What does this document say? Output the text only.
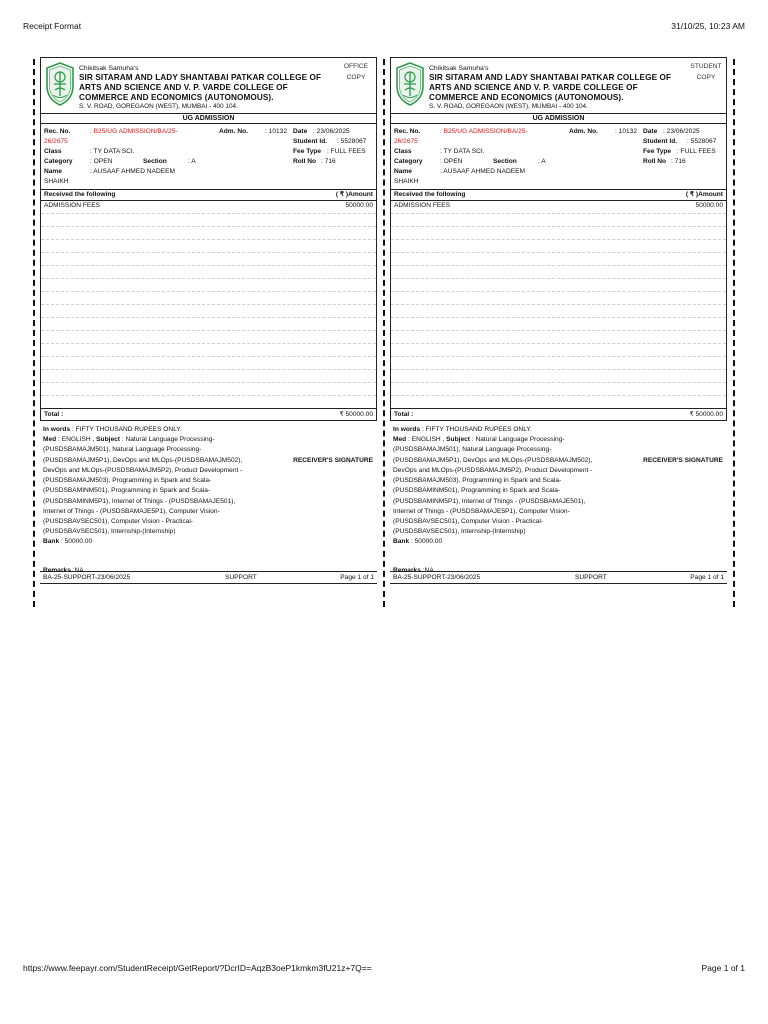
Receipt Format	31/10/25, 10:23 AM
Chikitsak Samuha's
SIR SITARAM AND LADY SHANTABAI PATKAR COLLEGE OF
ARTS AND SCIENCE AND V. P. VARDE COLLEGE OF
COMMERCE AND ECONOMICS (AUTONOMOUS).
S. V. ROAD, GOREGAON (WEST), MUMBAI - 400 104.
OFFICE
COPY
UG ADMISSION
Rec. No.	: B25/UG ADMISSION/BA/25-
26/2675
Adm. No.	: 10132 Date : 23/06/2025
Student Id. : 5528067
Class	: TY DATA SCI.	Fee Type : FULL FEES
Category	: OPEN	Section	: A	Roll No : 716
Name	: AUSAAF AHMED NADEEM
SHAIKH
Received the following	( ₹ )Amount
ADMISSION FEES	50000.00
Total :	₹ 50000.00
In words : FIFTY THOUSAND RUPEES ONLY.
Med : ENGLISH , Subject : Natural Language Processing-(PUSDSBAMAJM501), Natural Language Processing-(PUSDSBAMAJM5P1), DevOps and MLOps-(PUSDSBAMAJM502), DevOps and MLOps-(PUSDSBAMAJM5P2), Product Development - (PUSDSBAMAJM503), Programming in Spark and Scala-(PUSDSBAMINM501), Programming in Spark and Scala-(PUSDSBAMINM5P1), Internet of Things - (PUSDSBAMAJE501), Internet of Things - (PUSDSBAMAJE5P1), Computer Vision-(PUSDSBAVSEC501), Computer Vision - Practical-(PUSDSBAVSEC501), Internship-(Internship)
Bank : 50000.00
RECEIVER'S SIGNATURE
Remarks :NA
BA-25-SUPPORT-23/06/2025	SUPPORT	Page 1 of 1
Chikitsak Samuha's
SIR SITARAM AND LADY SHANTABAI PATKAR COLLEGE OF
ARTS AND SCIENCE AND V. P. VARDE COLLEGE OF
COMMERCE AND ECONOMICS (AUTONOMOUS).
S. V. ROAD, GOREGAON (WEST), MUMBAI - 400 104.
STUDENT
COPY
UG ADMISSION
Rec. No.	: B25/UG ADMISSION/BA/25-
26/2675
Adm. No.	: 10132 Date : 23/06/2025
Student Id. : 5528067
Class	: TY DATA SCI.	Fee Type : FULL FEES
Category	: OPEN	Section	: A	Roll No : 716
Name	: AUSAAF AHMED NADEEM
SHAIKH
Received the following	( ₹ )Amount
ADMISSION FEES	50000.00
Total :	₹ 50000.00
In words : FIFTY THOUSAND RUPEES ONLY.
Med : ENGLISH , Subject : Natural Language Processing-(PUSDSBAMAJM501), Natural Language Processing-(PUSDSBAMAJM5P1), DevOps and MLOps-(PUSDSBAMAJM502), DevOps and MLOps-(PUSDSBAMAJM5P2), Product Development - (PUSDSBAMAJM503), Programming in Spark and Scala-(PUSDSBAMINM501), Programming in Spark and Scala-(PUSDSBAMINM5P1), Internet of Things - (PUSDSBAMAJE501), Internet of Things - (PUSDSBAMAJE5P1), Computer Vision-(PUSDSBAVSEC501), Computer Vision - Practical-(PUSDSBAVSEC501), Internship-(Internship)
Bank : 50000.00
RECEIVER'S SIGNATURE
Remarks :NA
BA-25-SUPPORT-23/06/2025	SUPPORT	Page 1 of 1
https://www.feepayr.com/StudentReceipt/GetReport/?DcrID=AqzB3oeP1kmkm3fU21z+7Q==	Page 1 of 1
